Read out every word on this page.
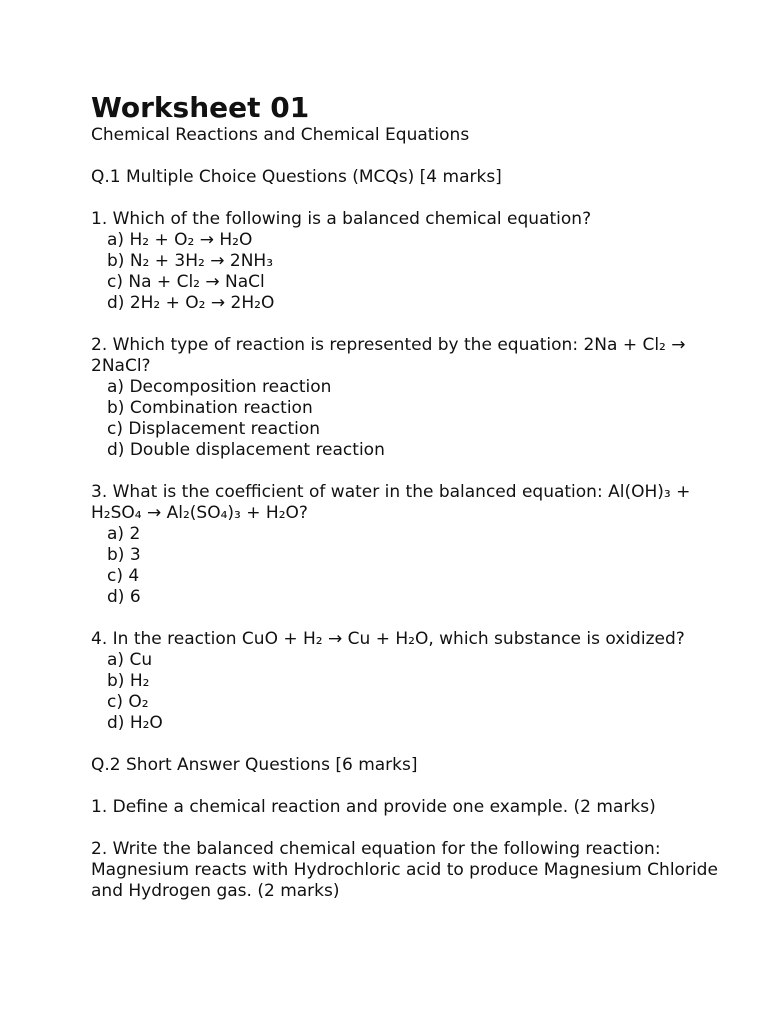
Worksheet 01
Chemical Reactions and Chemical Equations
Q.1 Multiple Choice Questions (MCQs) [4 marks]
1. Which of the following is a balanced chemical equation?
a) H₂ + O₂ → H₂O
b) N₂ + 3H₂ → 2NH₃
c) Na + Cl₂ → NaCl
d) 2H₂ + O₂ → 2H₂O
2. Which type of reaction is represented by the equation: 2Na + Cl₂ → 2NaCl?
a) Decomposition reaction
b) Combination reaction
c) Displacement reaction
d) Double displacement reaction
3. What is the coefficient of water in the balanced equation: Al(OH)₃ + H₂SO₄ → Al₂(SO₄)₃ + H₂O?
a) 2
b) 3
c) 4
d) 6
4. In the reaction CuO + H₂ → Cu + H₂O, which substance is oxidized?
a) Cu
b) H₂
c) O₂
d) H₂O
Q.2 Short Answer Questions [6 marks]
1. Define a chemical reaction and provide one example. (2 marks)
2. Write the balanced chemical equation for the following reaction: Magnesium reacts with Hydrochloric acid to produce Magnesium Chloride and Hydrogen gas. (2 marks)
